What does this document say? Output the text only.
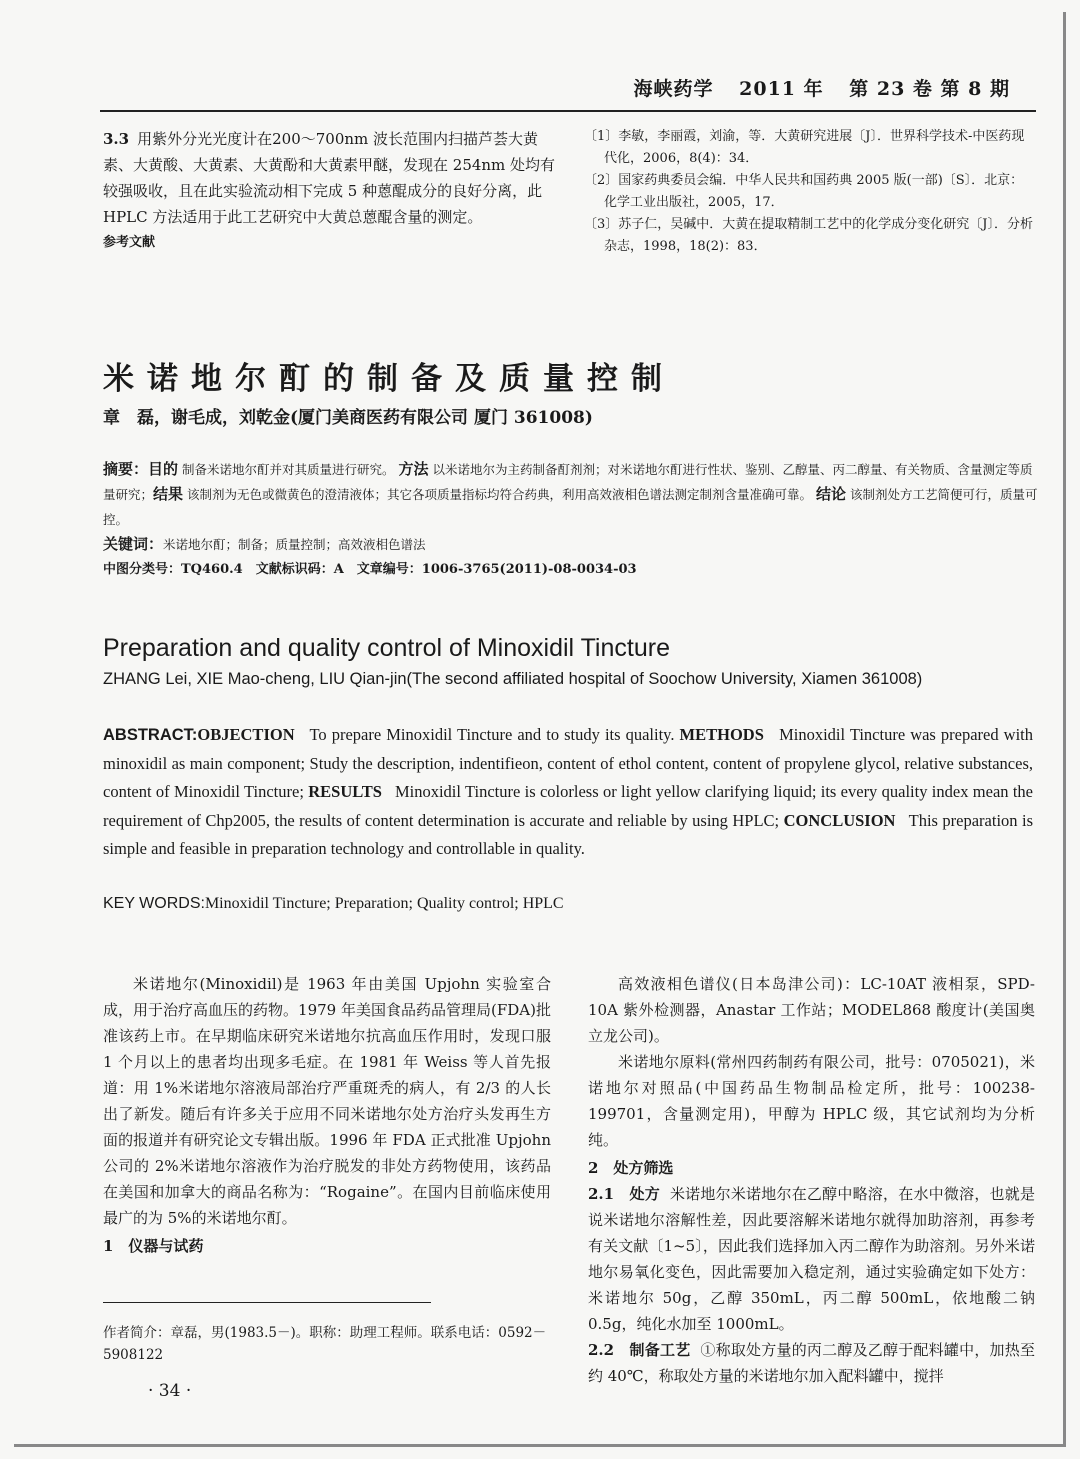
海峡药学 2011 年 第 23 卷 第 8 期
3.3 用紫外分光光度计在200～700nm 波长范围内扫描芦荟大黄素、大黄酸、大黄素、大黄酚和大黄素甲醚，发现在 254nm 处均有较强吸收，且在此实验流动相下完成 5 种蒽醌成分的良好分离，此 HPLC 方法适用于此工艺研究中大黄总蒽醌含量的测定。
参考文献
〔1〕李敏，李丽霞，刘渝，等．大黄研究进展〔J〕．世界科学技术-中医药现代化，2006，8(4)：34．
〔2〕国家药典委员会编．中华人民共和国药典 2005 版(一部)〔S〕．北京：化学工业出版社，2005，17．
〔3〕苏子仁，吴碱中．大黄在提取精制工艺中的化学成分变化研究〔J〕．分析杂志，1998，18(2)：83．
米诺地尔酊的制备及质量控制
章　磊，谢毛成，刘乾金(厦门美商医药有限公司 厦门 361008)
摘要：目的 制备米诺地尔酊并对其质量进行研究。 方法 以米诺地尔为主药制备酊剂剂；对米诺地尔酊进行性状、鉴别、乙醇量、丙二醇量、有关物质、含量测定等质量研究；结果 该制剂为无色或微黄色的澄清液体；其它各项质量指标均符合药典，利用高效液相色谱法测定制剂含量准确可靠。 结论 该制剂处方工艺简便可行，质量可控。
关键词：米诺地尔酊；制备；质量控制；高效液相色谱法
中图分类号：TQ460.4　文献标识码：A　文章编号：1006-3765(2011)-08-0034-03
Preparation and quality control of Minoxidil Tincture
ZHANG Lei, XIE Mao-cheng, LIU Qian-jin(The second affiliated hospital of Soochow University, Xiamen 361008)
ABSTRACT:OBJECTION To prepare Minoxidil Tincture and to study its quality. METHODS Minoxidil Tincture was prepared with minoxidil as main component; Study the description, indentifieon, content of ethol content, content of propylene glycol, relative substances, content of Minoxidil Tincture; RESULTS Minoxidil Tincture is colorless or light yellow clarifying liquid; its every quality index mean the requirement of Chp2005, the results of content determination is accurate and reliable by using HPLC; CONCLUSION This preparation is simple and feasible in preparation technology and controllable in quality.
KEY WORDS:Minoxidil Tincture; Preparation; Quality control; HPLC
米诺地尔(Minoxidil)是 1963 年由美国 Upjohn 实验室合成，用于治疗高血压的药物。1979 年美国食品药品管理局(FDA)批准该药上市。在早期临床研究米诺地尔抗高血压作用时，发现口服 1 个月以上的患者均出现多毛症。在 1981 年 Weiss 等人首先报道：用 1%米诺地尔溶液局部治疗严重斑秃的病人，有 2/3 的人长出了新发。随后有许多关于应用不同米诺地尔处方治疗头发再生方面的报道并有研究论文专辑出版。1996 年 FDA 正式批准 Upjohn 公司的 2%米诺地尔溶液作为治疗脱发的非处方药物使用，该药品在美国和加拿大的商品名称为：“Rogaine”。在国内目前临床使用最广的为 5%的米诺地尔酊。
1　仪器与试药
高效液相色谱仪(日本岛津公司)：LC-10AT 液相泵，SPD-10A 紫外检测器，Anastar 工作站；MODEL868 酸度计(美国奥立龙公司)。
米诺地尔原料(常州四药制药有限公司，批号：0705021)，米诺地尔对照品(中国药品生物制品检定所，批号：100238-199701，含量测定用)，甲醇为 HPLC 级，其它试剂均为分析纯。
2　处方筛选
2.1　处方 米诺地尔米诺地尔在乙醇中略溶，在水中微溶，也就是说米诺地尔溶解性差，因此要溶解米诺地尔就得加助溶剂，再参考有关文献〔1~5〕，因此我们选择加入丙二醇作为助溶剂。另外米诺地尔易氧化变色，因此需要加入稳定剂，通过实验确定如下处方：米诺地尔 50g，乙醇 350mL，丙二醇 500mL，依地酸二钠 0.5g，纯化水加至 1000mL。
2.2　制备工艺 ①称取处方量的丙二醇及乙醇于配料罐中，加热至约 40℃，称取处方量的米诺地尔加入配料罐中，搅拌
作者简介：章磊，男(1983.5－)。职称：助理工程师。联系电话：0592－5908122
· 34 ·
